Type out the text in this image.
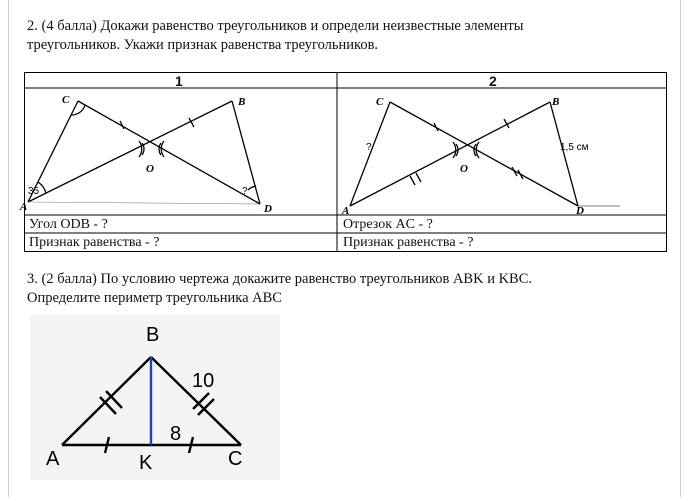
2. (4 балла) Докажи равенство треугольников и определи неизвестные элементы
треугольников. Укажи признак равенства треугольников.
1	2
Угол ODB - ?	Отрезок AC - ?
Признак равенства - ?	Признак равенства - ?
C	B
O
A	D
35	?
C	B
O
A	D
?	1,5 см
3. (2 балла) По условию чертежа докажите равенство треугольников ABK и KBC.
Определите периметр треугольника ABC
B
A	K	C
10
8
